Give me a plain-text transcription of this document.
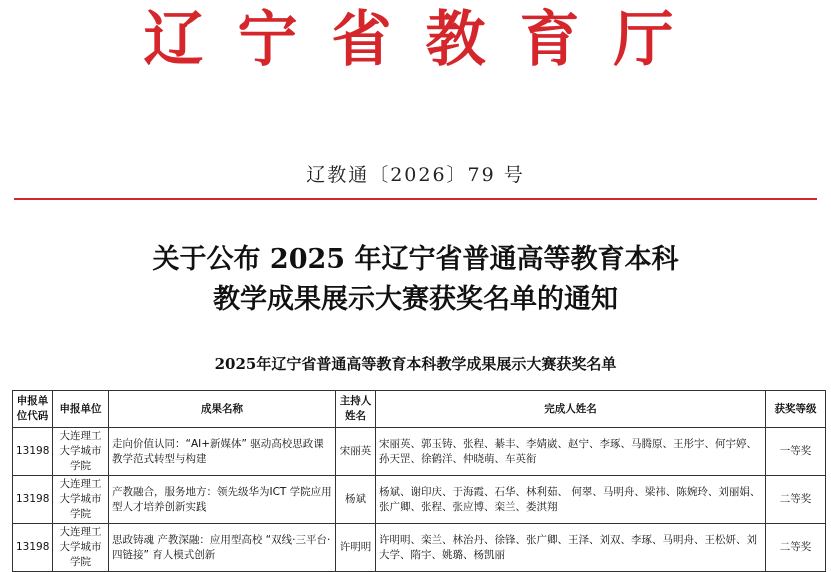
辽宁省教育厅
辽教通〔2026〕79 号
关于公布 2025 年辽宁省普通高等教育本科
教学成果展示大赛获奖名单的通知
2025年辽宁省普通高等教育本科教学成果展示大赛获奖名单
申报单位代码	申报单位	成果名称	主持人姓名	完成人姓名	获奖等级
13198	大连理工大学城市学院	走向价值认同：“AI+新媒体” 驱动高校思政课教学范式转型与构建	宋丽英	宋丽英、郭玉铸、张程、綦丰、李婧崴、赵宁、李琢、马腾原、王彤宇、何宇婷、孙天罡、徐鹤洋、仲晓萌、车英衔	一等奖
13198	大连理工大学城市学院	产教融合，服务地方：领先级华为ICT 学院应用型人才培养创新实践	杨斌	杨斌、谢印庆、于海霞、石华、林利茹、 何翠、马明舟、梁祎、陈婉玲、刘丽娟、张广卿、张程、张应博、栾兰、娄淇翔	二等奖
13198	大连理工大学城市学院	思政铸魂 产教深融：应用型高校 “双线·三平台·四链接” 育人模式创新	许明明	许明明、栾兰、林治丹、徐锋、张广卿、王泽、刘双、李琢、马明舟、王松妍、刘大学、隋宇、姚璐、杨凯丽	二等奖
